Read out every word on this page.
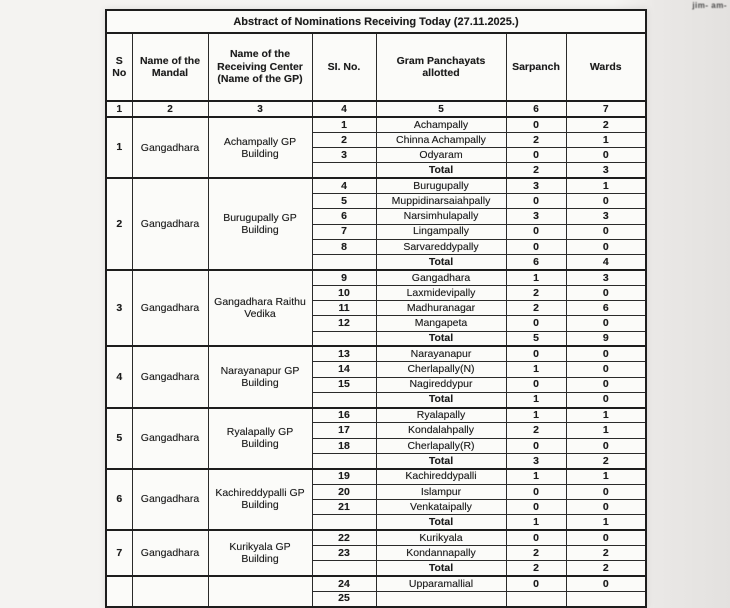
jim‑ am-
Abstract of Nominations Receiving Today (27.11.2025.)						
S No	Name of the Mandal	Name of the Receiving Center (Name of the GP)	SI. No.	Gram Panchayats allotted	Sarpanch	Wards
1	2	3	4	5	6	7
1	Gangadhara	Achampally GP Building	1	Achampally	0	2
			2	Chinna Achampally	2	1
			3	Odyaram	0	0
				Total	2	3
2	Gangadhara	Burugupally GP Building	4	Burugupally	3	1
			5	Muppidinarsaiahpally	0	0
			6	Narsimhulapally	3	3
			7	Lingampally	0	0
			8	Sarvareddypally	0	0
				Total	6	4
3	Gangadhara	Gangadhara Raithu Vedika	9	Gangadhara	1	3
			10	Laxmidevipally	2	0
			11	Madhuranagar	2	6
			12	Mangapeta	0	0
				Total	5	9
4	Gangadhara	Narayanapur GP Building	13	Narayanapur	0	0
			14	Cherlapally(N)	1	0
			15	Nagireddypur	0	0
				Total	1	0
5	Gangadhara	Ryalapally GP Building	16	Ryalapally	1	1
			17	Kondalahpally	2	1
			18	Cherlapally(R)	0	0
				Total	3	2
6	Gangadhara	Kachireddypalli GP Building	19	Kachireddypalli	1	1
			20	Islampur	0	0
			21	Venkataipally	0	0
				Total	1	1
7	Gangadhara	Kurikyala GP Building	22	Kurikyala	0	0
			23	Kondannapally	2	2
				Total	2	2
			24	Upparamallial	0	0
			25			
